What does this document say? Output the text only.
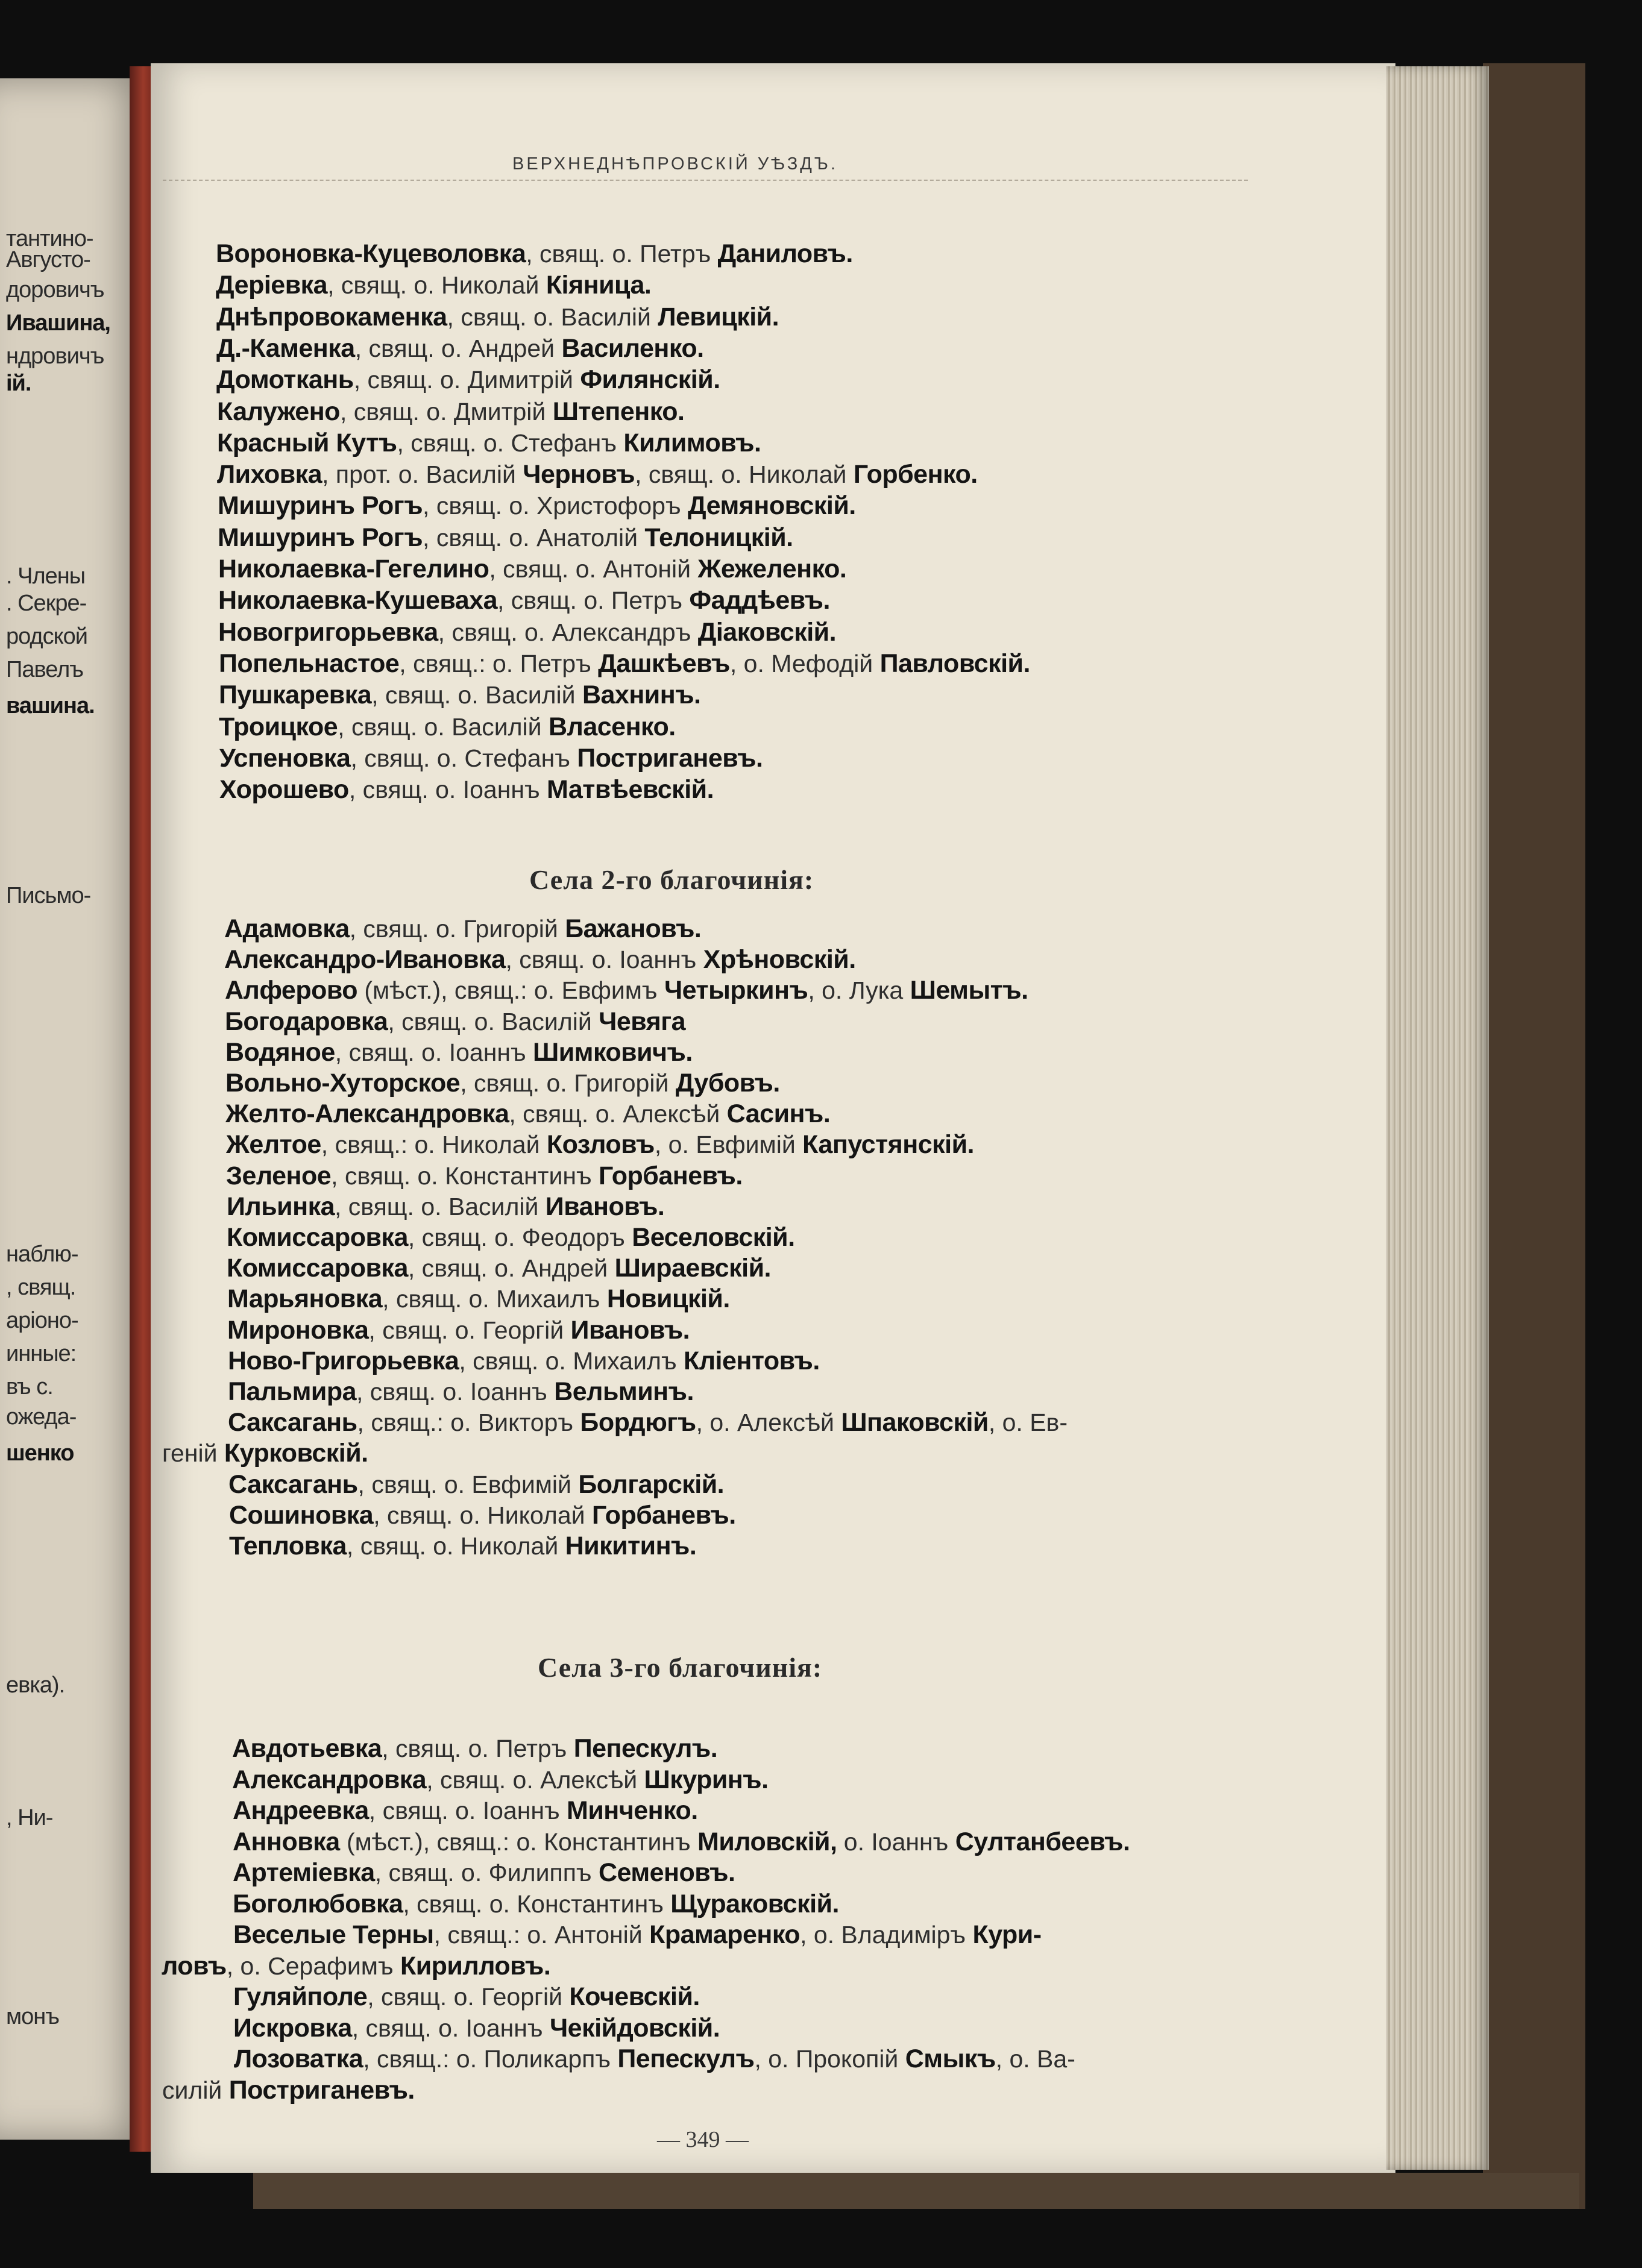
тантино-
Августо-
доровичъ
Ивашина,
ндровичъ
ій.
. Члены
. Секре-
родской
Павелъ
вашина.
Письмо-
наблю-
, свящ.
аріоно-
инные:
въ с.
ожеда-
шенко
евка).
, Ни-
монъ
ВЕРХНЕДНѢПРОВСКІЙ УѢЗДЪ.
Вороновка-Куцеволовка, свящ. о. Петръ Даниловъ.
Деріевка, свящ. о. Николай Кіяница.
Днѣпровокаменка, свящ. о. Василій Левицкій.
Д.-Каменка, свящ. о. Андрей Василенко.
Домоткань, свящ. о. Димитрій Филянскій.
Калужено, свящ. о. Дмитрій Штепенко.
Красный Кутъ, свящ. о. Стефанъ Килимовъ.
Лиховка, прот. о. Василій Черновъ, свящ. о. Николай Горбенко.
Мишуринъ Рогъ, свящ. о. Христофоръ Демяновскій.
Мишуринъ Рогъ, свящ. о. Анатолій Телоницкій.
Николаевка-Гегелино, свящ. о. Антоній Жежеленко.
Николаевка-Кушеваха, свящ. о. Петръ Фаддѣевъ.
Новогригорьевка, свящ. о. Александръ Діаковскій.
Попельнастое, свящ.: о. Петръ Дашкѣевъ, о. Мефодій Павловскій.
Пушкаревка, свящ. о. Василій Вахнинъ.
Троицкое, свящ. о. Василій Власенко.
Успеновка, свящ. о. Стефанъ Постриганевъ.
Хорошево, свящ. о. Іоаннъ Матвѣевскій.
Адамовка, свящ. о. Григорій Бажановъ.
Александро-Ивановка, свящ. о. Іоаннъ Хрѣновскій.
Алферово (мѣст.), свящ.: о. Евфимъ Четыркинъ, о. Лука Шемытъ.
Богодаровка, свящ. о. Василій Чевяга
Водяное, свящ. о. Іоаннъ Шимковичъ.
Вольно-Хуторское, свящ. о. Григорій Дубовъ.
Желто-Александровка, свящ. о. Алексѣй Сасинъ.
Желтое, свящ.: о. Николай Козловъ, о. Евфимій Капустянскій.
Зеленое, свящ. о. Константинъ Горбаневъ.
Ильинка, свящ. о. Василій Ивановъ.
Комиссаровка, свящ. о. Феодоръ Веселовскій.
Комиссаровка, свящ. о. Андрей Шираевскій.
Марьяновка, свящ. о. Михаилъ Новицкій.
Мироновка, свящ. о. Георгій Ивановъ.
Ново-Григорьевка, свящ. о. Михаилъ Кліентовъ.
Пальмира, свящ. о. Іоаннъ Вельминъ.
Саксагань, свящ.: о. Викторъ Бордюгъ, о. Алексѣй Шпаковскій, о. Ев-
геній Курковскій.
Саксагань, свящ. о. Евфимій Болгарскій.
Сошиновка, свящ. о. Николай Горбаневъ.
Тепловка, свящ. о. Николай Никитинъ.
Авдотьевка, свящ. о. Петръ Пепескулъ.
Александровка, свящ. о. Алексѣй Шкуринъ.
Андреевка, свящ. о. Іоаннъ Минченко.
Анновка (мѣст.), свящ.: о. Константинъ Миловскій, о. Іоаннъ Султанбеевъ.
Артеміевка, свящ. о. Филиппъ Семеновъ.
Боголюбовка, свящ. о. Константинъ Щураковскій.
Веселые Терны, свящ.: о. Антоній Крамаренко, о. Владиміръ Кури-
ловъ, о. Серафимъ Кирилловъ.
Гуляйполе, свящ. о. Георгій Кочевскій.
Искровка, свящ. о. Іоаннъ Чекійдовскій.
Лозоватка, свящ.: о. Поликарпъ Пепескулъ, о. Прокопій Смыкъ, о. Ва-
силій Постриганевъ.
Села 2-го благочинія:
Села 3-го благочинія:
— 349 —
